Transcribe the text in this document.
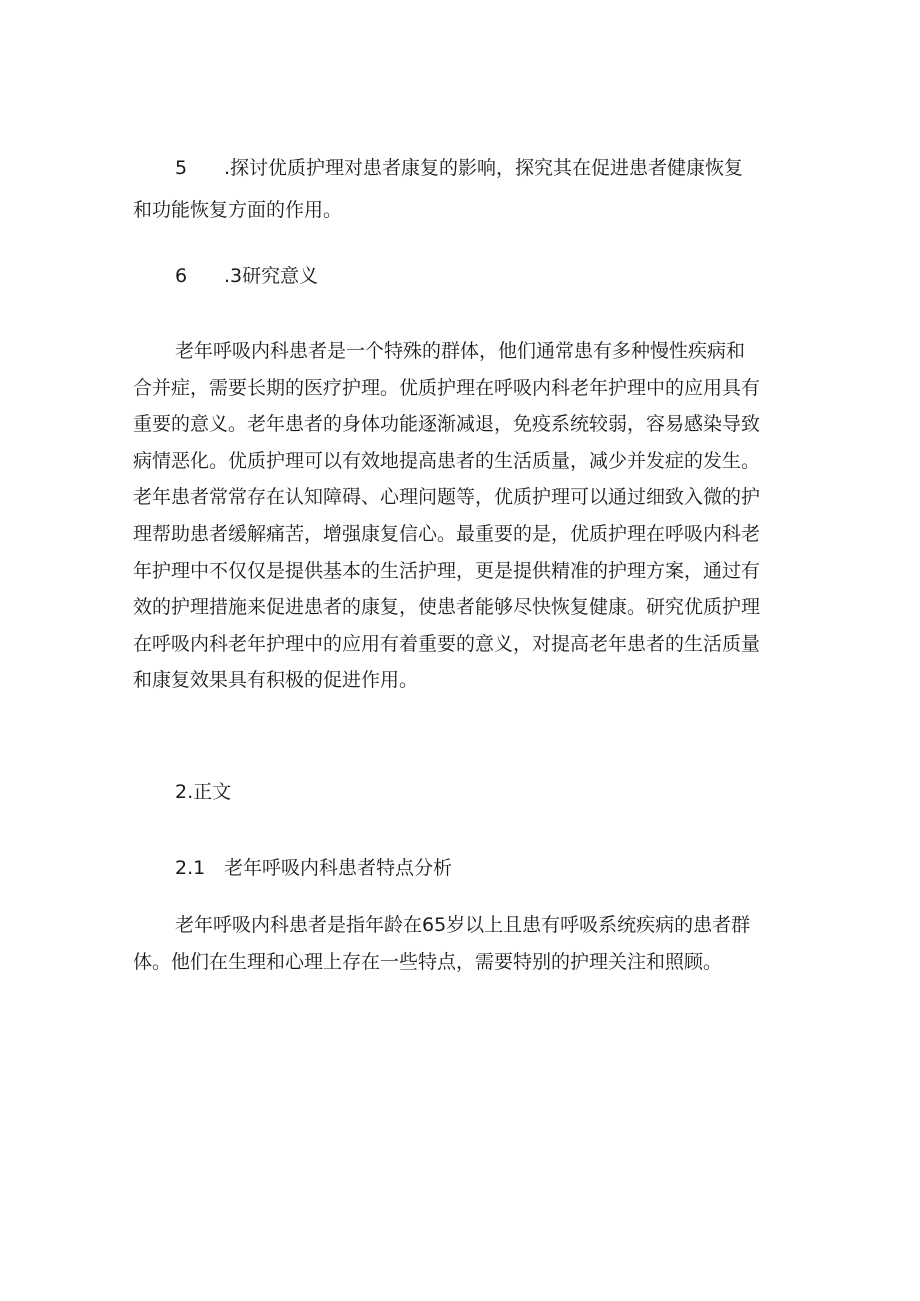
5 .探讨优质护理对患者康复的影响，探究其在促进患者健康恢复
和功能恢复方面的作用。
6 .3研究意义
老年呼吸内科患者是一个特殊的群体，他们通常患有多种慢性疾病和
合并症，需要长期的医疗护理。优质护理在呼吸内科老年护理中的应用具有
重要的意义。老年患者的身体功能逐渐减退，免疫系统较弱，容易感染导致
病情恶化。优质护理可以有效地提高患者的生活质量，减少并发症的发生。
老年患者常常存在认知障碍、心理问题等，优质护理可以通过细致入微的护
理帮助患者缓解痛苦，增强康复信心。最重要的是，优质护理在呼吸内科老
年护理中不仅仅是提供基本的生活护理，更是提供精准的护理方案，通过有
效的护理措施来促进患者的康复，使患者能够尽快恢复健康。研究优质护理
在呼吸内科老年护理中的应用有着重要的意义，对提高老年患者的生活质量
和康复效果具有积极的促进作用。
2.正文
2.1 老年呼吸内科患者特点分析
老年呼吸内科患者是指年龄在65岁以上且患有呼吸系统疾病的患者群
体。他们在生理和心理上存在一些特点，需要特别的护理关注和照顾。
